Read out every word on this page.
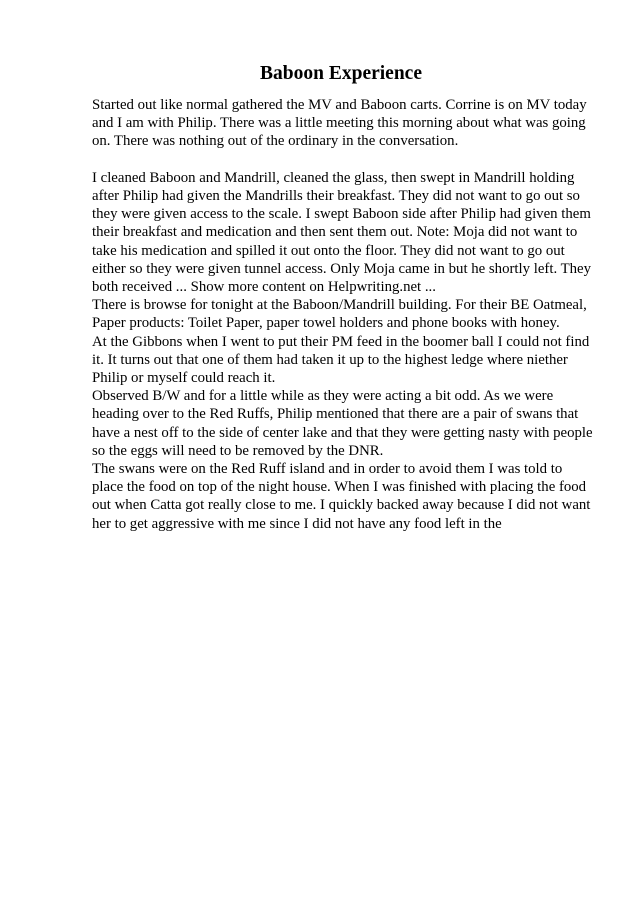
Baboon Experience

Started out like normal gathered the MV and Baboon carts. Corrine is on MV today
and I am with Philip. There was a little meeting this morning about what was going
on. There was nothing out of the ordinary in the conversation.

I cleaned Baboon and Mandrill, cleaned the glass, then swept in Mandrill holding
after Philip had given the Mandrills their breakfast. They did not want to go out so
they were given access to the scale. I swept Baboon side after Philip had given them
their breakfast and medication and then sent them out. Note: Moja did not want to
take his medication and spilled it out onto the floor. They did not want to go out
either so they were given tunnel access. Only Moja came in but he shortly left. They
both received ... Show more content on Helpwriting.net ...

There is browse for tonight at the Baboon/Mandrill building. For their BE Oatmeal,
Paper products: Toilet Paper, paper towel holders and phone books with honey.

At the Gibbons when I went to put their PM feed in the boomer ball I could not find
it. It turns out that one of them had taken it up to the highest ledge where niether
Philip or myself could reach it.

Observed B/W and for a little while as they were acting a bit odd. As we were
heading over to the Red Ruffs, Philip mentioned that there are a pair of swans that
have a nest off to the side of center lake and that they were getting nasty with people
so the eggs will need to be removed by the DNR.

The swans were on the Red Ruff island and in order to avoid them I was told to
place the food on top of the night house. When I was finished with placing the food
out when Catta got really close to me. I quickly backed away because I did not want
her to get aggressive with me since I did not have any food left in the
